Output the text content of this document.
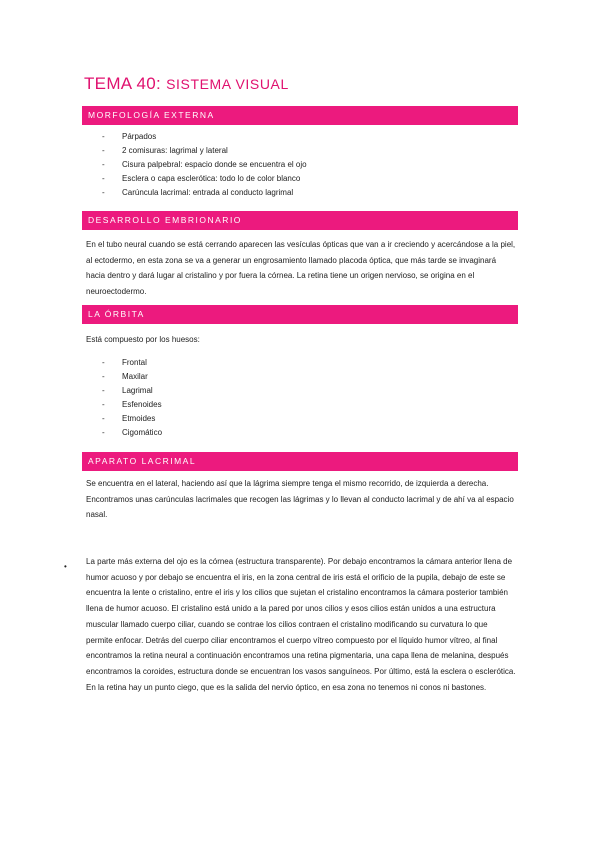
TEMA 40: SISTEMA VISUAL
MORFOLOGÍA EXTERNA
- Párpados
- 2 comisuras: lagrimal y lateral
- Cisura palpebral: espacio donde se encuentra el ojo
- Esclera o capa esclerótica: todo lo de color blanco
- Carúncula lacrimal: entrada al conducto lagrimal
DESARROLLO EMBRIONARIO

En el tubo neural cuando se está cerrando aparecen las vesículas ópticas que van a ir creciendo y acercándose a la piel, al ectodermo, en esta zona se va a generar un engrosamiento llamado placoda óptica, que más tarde se invaginará hacia dentro y dará lugar al cristalino y por fuera la córnea. La retina tiene un origen nervioso, se origina en el neuroectodermo.

LA ÓRBITA

Está compuesto por los huesos:

- Frontal
- Maxilar
- Lagrimal
- Esfenoides
- Etmoides
- Cigomático
APARATO LACRIMAL

Se encuentra en el lateral, haciendo así que la lágrima siempre tenga el mismo recorrido, de izquierda a derecha. Encontramos unas carúnculas lacrimales que recogen las lágrimas y lo llevan al conducto lacrimal y de ahí va al espacio nasal.

•

La parte más externa del ojo es la córnea (estructura transparente). Por debajo encontramos la cámara anterior llena de humor acuoso y por debajo se encuentra el iris, en la zona central de iris está el orificio de la pupila, debajo de este se encuentra la lente o cristalino, entre el iris y los cilios que sujetan el cristalino encontramos la cámara posterior también llena de humor acuoso. El cristalino está unido a la pared por unos cilios y esos cilios están unidos a una estructura muscular llamado cuerpo ciliar, cuando se contrae los cilios contraen el cristalino modificando su curvatura lo que permite enfocar. Detrás del cuerpo ciliar encontramos el cuerpo vítreo compuesto por el líquido humor vítreo, al final encontramos la retina neural a continuación encontramos una retina pigmentaria, una capa llena de melanina, después encontramos la coroides, estructura donde se encuentran los vasos sanguíneos. Por último, está la esclera o esclerótica. En la retina hay un punto ciego, que es la salida del nervio óptico, en esa zona no tenemos ni conos ni bastones.
